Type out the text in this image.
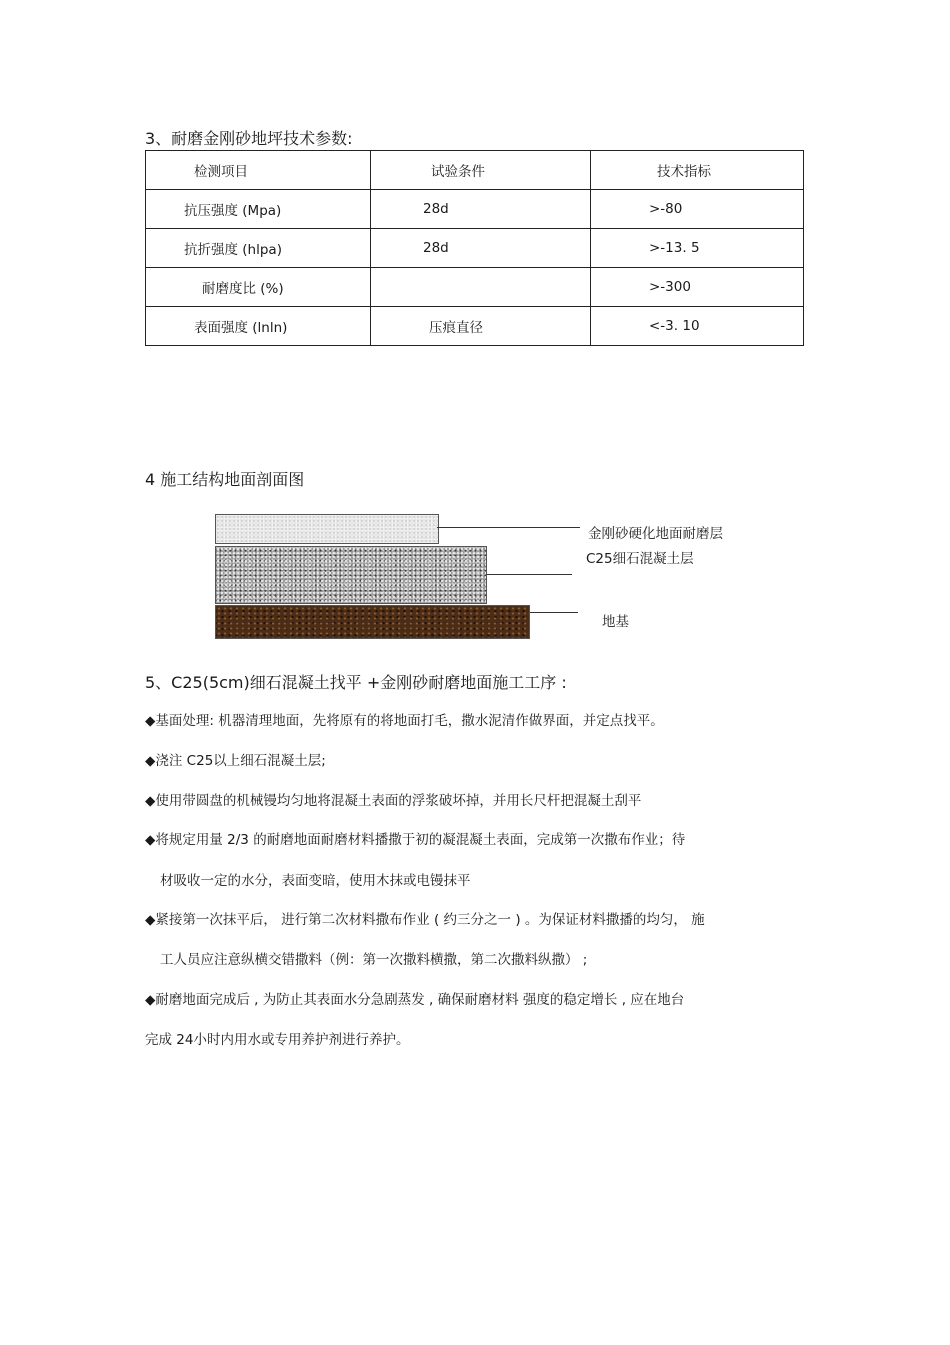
3、耐磨金刚砂地坪技术参数:
检测项目	试验条件	技术指标

抗压强度 (Mpa)	28d	>-80

抗折强度 (hlpa)	28d	>-13. 5

耐磨度比 (%)		>-300

表面强度 (lnln)	压痕直径	<-3. 10
4 施工结构地面剖面图
金刚砂硬化地面耐磨层
C25细石混凝土层
地基
5、C25(5cm)细石混凝土找平 +金刚砂耐磨地面施工工序 :
◆基面处理: 机器清理地面，先将原有的将地面打毛，撒水泥清作做界面，并定点找平。
◆浇注 C25以上细石混凝土层;
◆使用带圆盘的机械镘均匀地将混凝土表面的浮浆破坏掉，并用长尺杆把混凝土刮平
◆将规定用量 2/3 的耐磨地面耐磨材料播撒于初的凝混凝土表面，完成第一次撒布作业；待
材吸收一定的水分，表面变暗，使用木抹或电镘抹平
◆紧接第一次抹平后， 进行第二次材料撒布作业 ( 约三分之一 ) 。为保证材料撒播的均匀， 施
工人员应注意纵横交错撒料（例：第一次撒料横撒，第二次撒料纵撒） ;
◆耐磨地面完成后 , 为防止其表面水分急剧蒸发 , 确保耐磨材料 强度的稳定增长 , 应在地台
完成 24小时内用水或专用养护剂进行养护。
